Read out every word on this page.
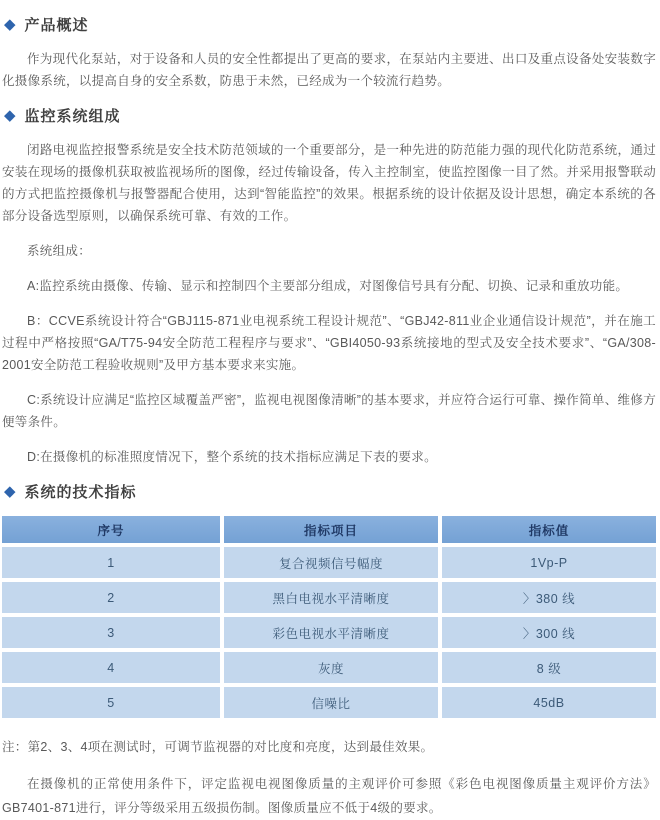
◆ 产品概述

作为现代化泵站，对于设备和人员的安全性都提出了更高的要求，在泵站内主要进、出口及重点设备处安装数字化摄像系统，以提高自身的安全系数，防患于未然，已经成为一个较流行趋势。

◆ 监控系统组成

闭路电视监控报警系统是安全技术防范领域的一个重要部分，是一种先进的防范能力强的现代化防范系统，通过安装在现场的摄像机获取被监视场所的图像，经过传输设备，传入主控制室，使监控图像一目了然。并采用报警联动的方式把监控摄像机与报警器配合使用，达到“智能监控”的效果。根据系统的设计依据及设计思想，确定本系统的各部分设备选型原则，以确保系统可靠、有效的工作。

系统组成：

A:监控系统由摄像、传输、显示和控制四个主要部分组成，对图像信号具有分配、切换、记录和重放功能。

B：CCVE系统设计符合“GBJ115-871业电视系统工程设计规范”、“GBJ42-811业企业通信设计规范”，并在施工过程中严格按照“GA/T75-94安全防范工程程序与要求”、“GBI4050-93系统接地的型式及安全技术要求”、“GA/308-2001安全防范工程验收规则”及甲方基本要求来实施。

C:系统设计应满足“监控区域覆盖严密”，监视电视图像清晰”的基本要求，并应符合运行可靠、操作简单、维修方便等条件。

D:在摄像机的标准照度情况下，整个系统的技术指标应满足下表的要求。

◆ 系统的技术指标
序号	指标项目	指标值
1	复合视频信号幅度	1Vp-P
2	黑白电视水平清晰度	〉380 线
3	彩色电视水平清晰度	〉300 线
4	灰度	8 级
5	信噪比	45dB

注：第2、3、4项在测试时，可调节监视器的对比度和亮度，达到最佳效果。

在摄像机的正常使用条件下，评定监视电视图像质量的主观评价可参照《彩色电视图像质量主观评价方法》GB7401-871进行，评分等级采用五级损伤制。图像质量应不低于4级的要求。
